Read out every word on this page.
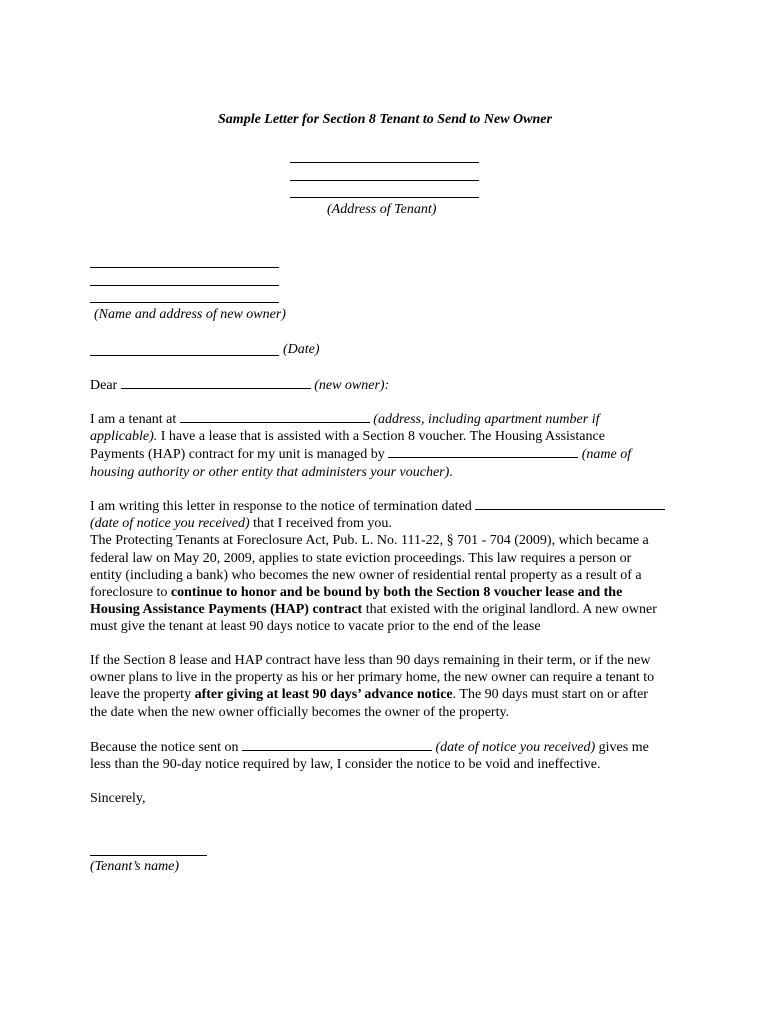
Sample Letter for Section 8 Tenant to Send to New Owner
(Address of Tenant)
(Name and address of new owner)
(Date)
Dear	(new owner):
I am a tenant at	(address, including apartment number if
applicable). I have a lease that is assisted with a Section 8 voucher. The Housing Assistance
Payments (HAP) contract for my unit is managed by	(name of
housing authority or other entity that administers your voucher).
I am writing this letter in response to the notice of termination dated
(date of notice you received) that I received from you.
The Protecting Tenants at Foreclosure Act, Pub. L. No. 111-22, § 701 - 704 (2009), which became a
federal law on May 20, 2009, applies to state eviction proceedings. This law requires a person or
entity (including a bank) who becomes the new owner of residential rental property as a result of a
foreclosure to continue to honor and be bound by both the Section 8 voucher lease and the
Housing Assistance Payments (HAP) contract that existed with the original landlord. A new owner
must give the tenant at least 90 days notice to vacate prior to the end of the lease
If the Section 8 lease and HAP contract have less than 90 days remaining in their term, or if the new
owner plans to live in the property as his or her primary home, the new owner can require a tenant to
leave the property after giving at least 90 days’ advance notice. The 90 days must start on or after
the date when the new owner officially becomes the owner of the property.
Because the notice sent on	(date of notice you received) gives me
less than the 90-day notice required by law, I consider the notice to be void and ineffective.
Sincerely,
(Tenant’s name)
